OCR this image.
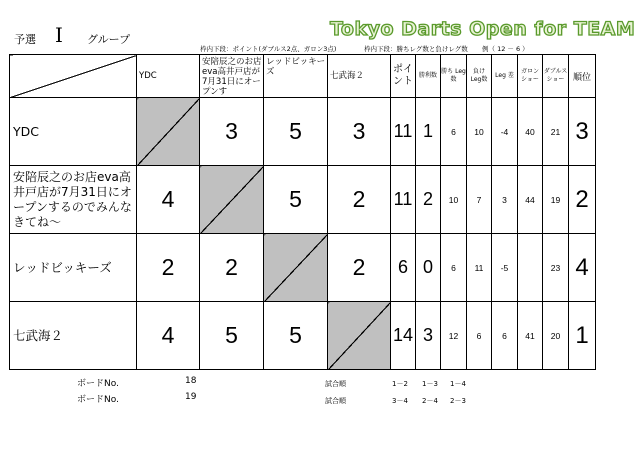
予選 I グループ	Tokyo Darts Open for TEAM
枠内下段：ポイント(ダブルス2点、ガロン3点)	枠内下段：勝ちレグ数と負けレグ数 例（ 12 － 6 ）
	YDC	安陪辰之のお店eva高井戸店が7月31日にオープンす	レッドビッキーズ	七武海２	ポイント	勝利数	勝ち Leg数	負け Leg数	Leg 差	ガロン ショー	ダブルス ショー	順位
YDC		3	5	3	11	1	6	10	-4	40	21	3
安陪辰之のお店eva高井戸店が7月31日にオープンするのでみんなきてね～	4		5	2	11	2	10	7	3	44	19	2
レッドビッキーズ	2	2		2	6	0	6	11	-5		23	4
七武海２	4	5	5		14	3	12	6	6	41	20	1
ボードNo.	18
ボードNo.	19
試合順	1－2 1－3 1－4
試合順	3－4 2－4 2－3
